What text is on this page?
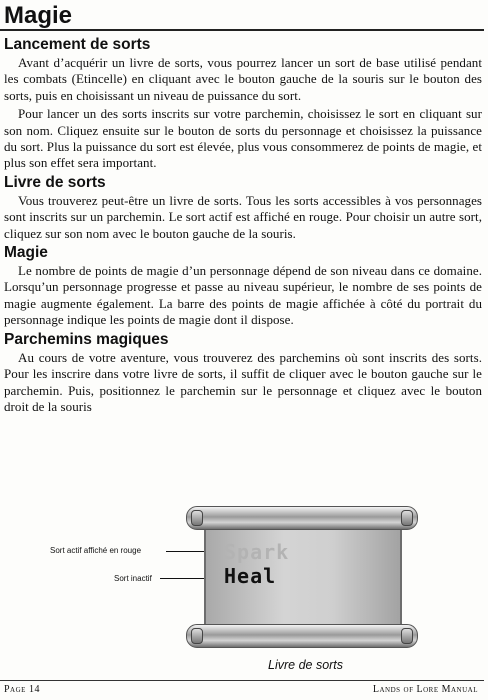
Magie
Lancement de sorts

Avant d’acquérir un livre de sorts, vous pourrez lancer un sort de base utilisé pendant les combats (Etincelle) en cliquant avec le bouton gauche de la souris sur le bouton des sorts, puis en choisissant un niveau de puissance du sort.

Pour lancer un des sorts inscrits sur votre parchemin, choisissez le sort en cliquant sur son nom. Cliquez ensuite sur le bouton de sorts du personnage et choisissez la puissance du sort. Plus la puissance du sort est élevée, plus vous consommerez de points de magie, et plus son effet sera important.

Livre de sorts

Vous trouverez peut-être un livre de sorts. Tous les sorts accessibles à vos personnages sont inscrits sur un parchemin. Le sort actif est affiché en rouge. Pour choisir un autre sort, cliquez sur son nom avec le bouton gauche de la souris.

Magie

Le nombre de points de magie d’un personnage dépend de son niveau dans ce domaine. Lorsqu’un personnage progresse et passe au niveau supérieur, le nombre de ses points de magie augmente également. La barre des points de magie affichée à côté du portrait du personnage indique les points de magie dont il dispose.

Parchemins magiques

Au cours de votre aventure, vous trouverez des parchemins où sont inscrits des sorts. Pour les inscrire dans votre livre de sorts, il suffit de cliquer avec le bouton gauche sur le parchemin. Puis, positionnez le parchemin sur le personnage et cliquez avec le bouton droit de la souris

Sort actif affiché en rouge
Sort inactif
Spark
Heal
Livre de sorts
Page 14	Lands of Lore Manual
